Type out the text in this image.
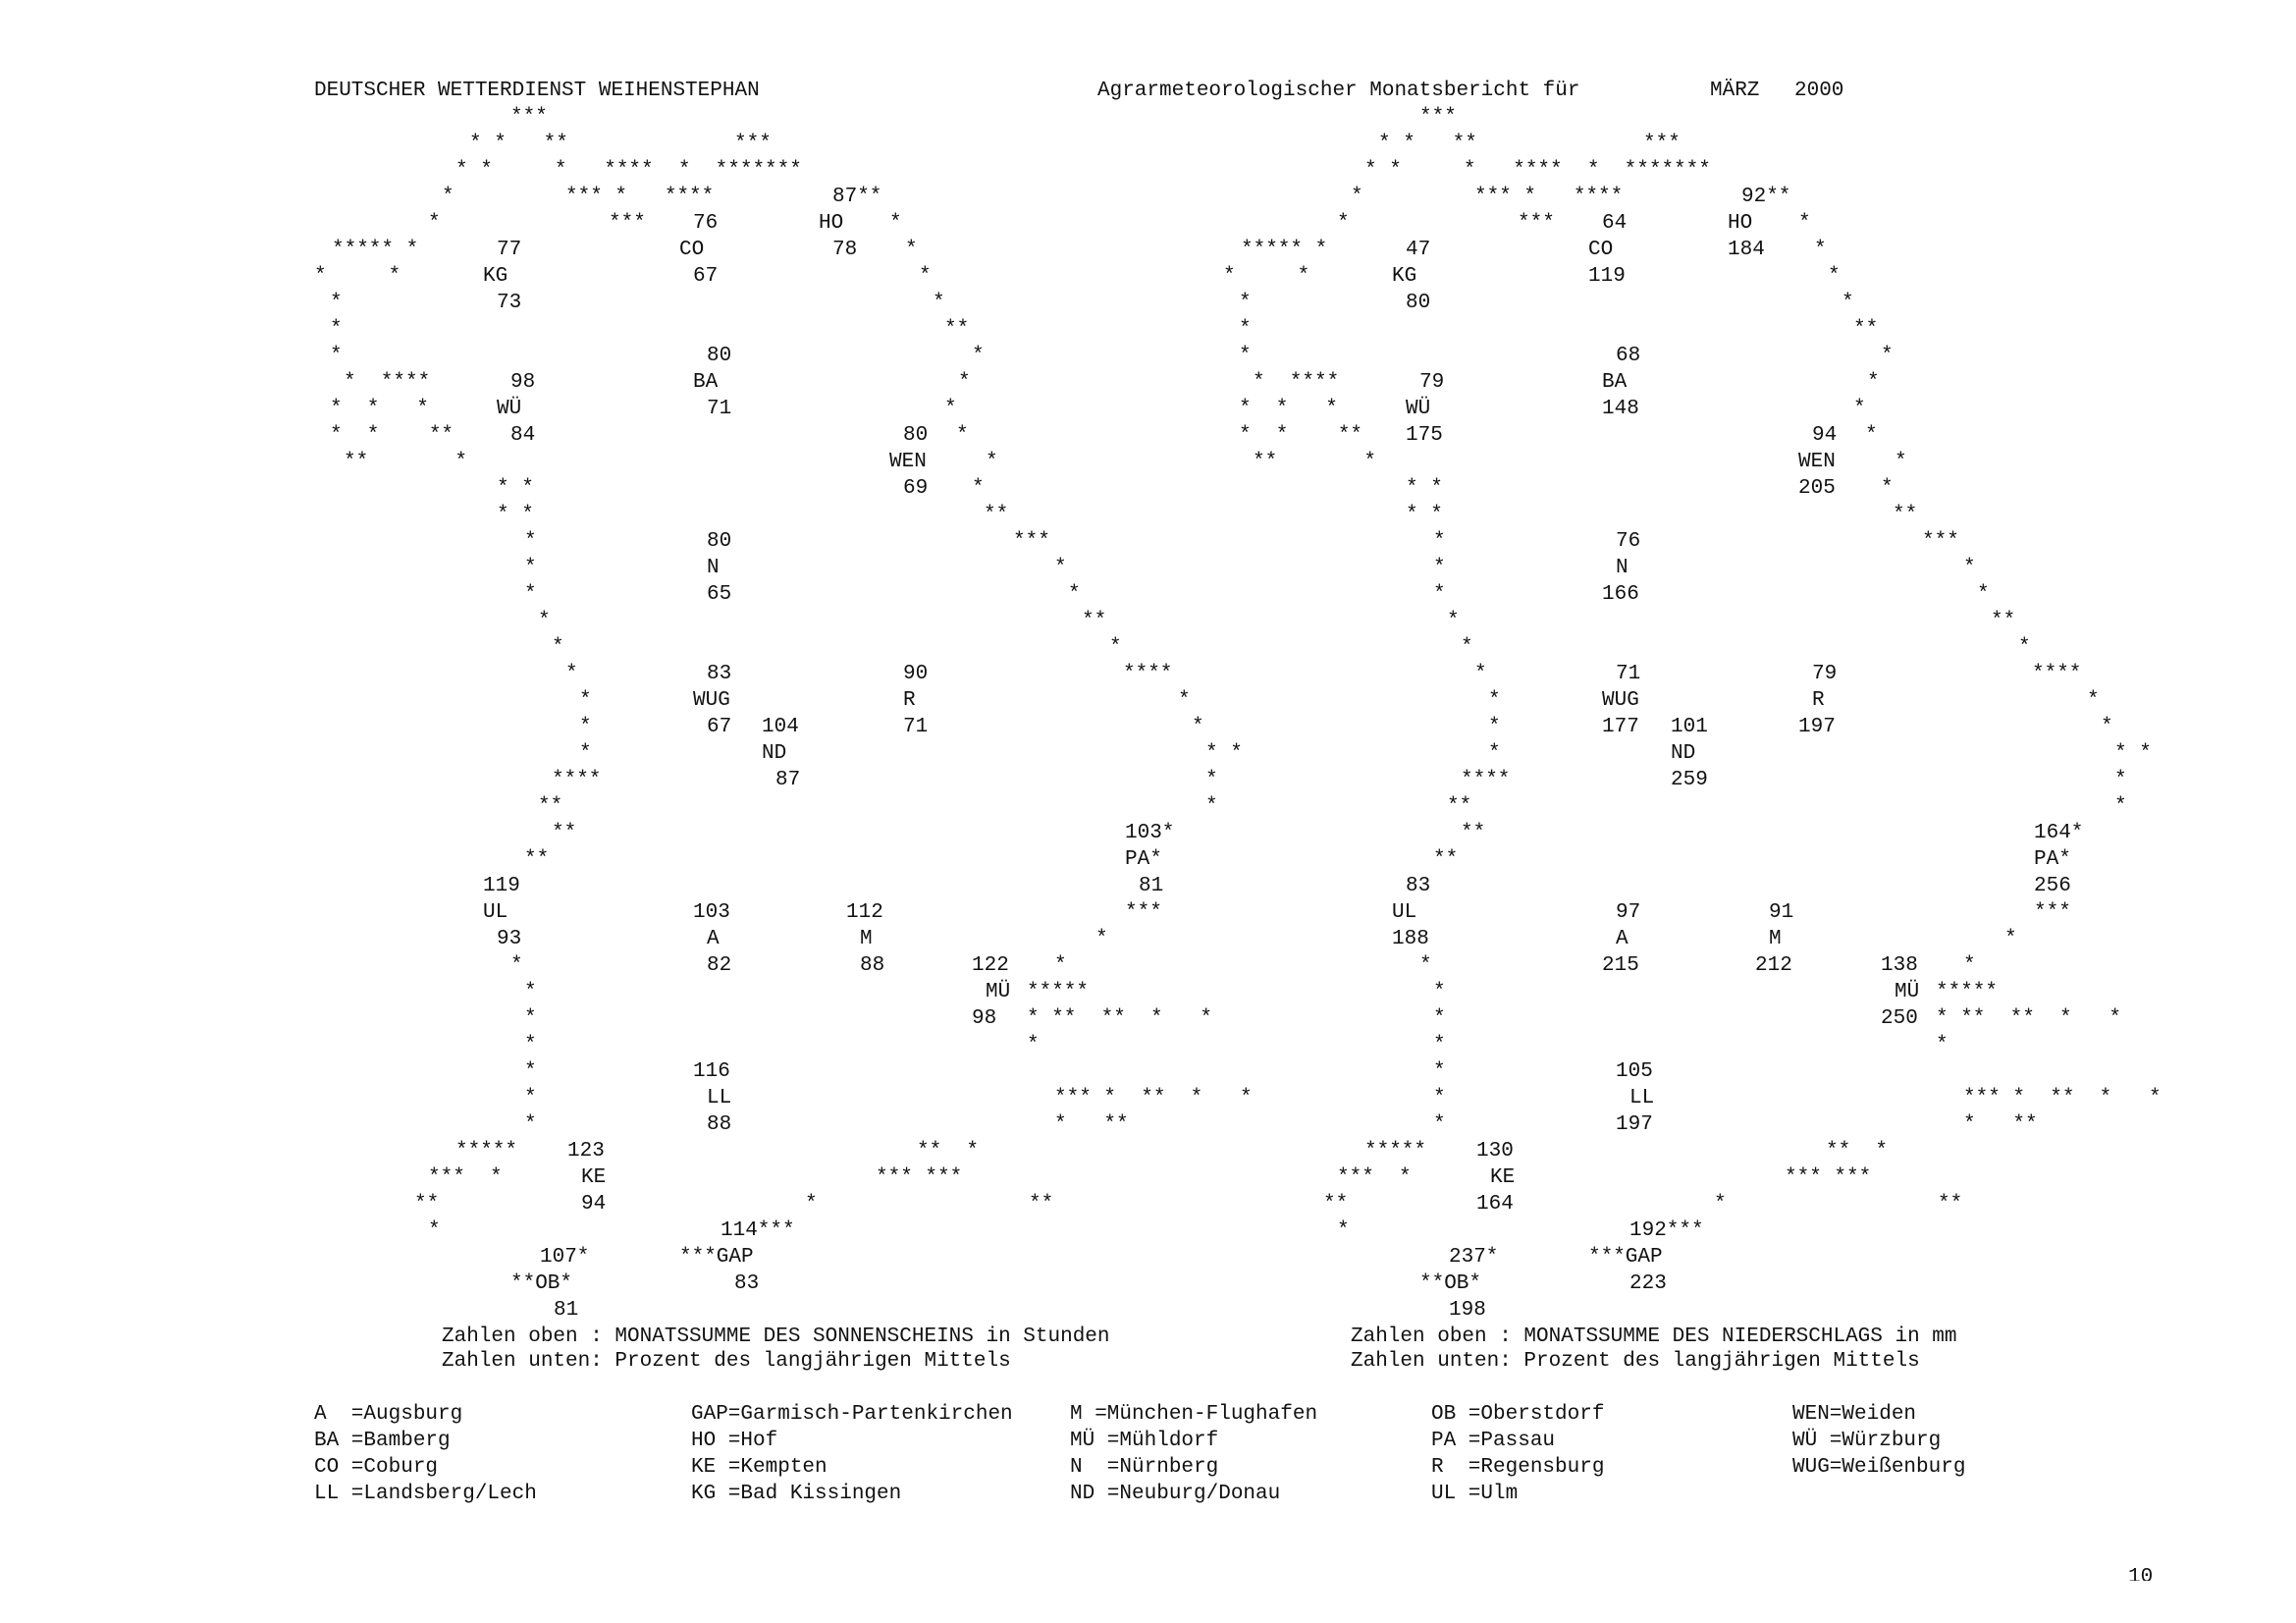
DEUTSCHER WETTERDIENST WEIHENSTEPHAN	Agrarmeteorologischer Monatsbericht für	MÄRZ 2000
***
* *   **	***
* *     *   ****  *  *******
*         *** *   ****
*
***
*
***** *
*     *
*
*
**
*
*
*  ****
*
*  *   *
*
*  *    **
*
**       *
*
* *
*
* *	**
*
***
*
*
*
*
**
*
*
*
****
*
*	*
*
*
****
*
*
*
*
* *
*
*
**
**
**
***
*
*
*
*
*
*
*
*
*
*****
* **  **  *   *
*
*** *  **  *   *
*   **
*****	**  *
***  *	*** ***
**	*	**
*
77
KG
73
76
CO
67
87**
HO
78
98
WÜ
84
80
BA
71
80
WEN
69
80
N
65
83
WUG
67
90
R
71
104
ND
87
103*
PA*
81
119
UL
93
103
A
82
112
M
88	122
MÜ
98
116
LL
88
123
KE
94
114***
***GAP
83
107*
**OB*
81
Zahlen oben : MONATSSUMME DES SONNENSCHEINS in Stunden
Zahlen unten: Prozent des langjährigen Mittels
***
* *   **	***
* *     *   ****  *  *******
*         *** *   ****
*
***
*
***** *
*     *
*
*
**
*
*
*  ****
*
*  *   *
*
*  *    **
*
**       *
*
* *
*
* *	**
*
***
*
*
*
*
**
*
*
*
****
*
*	*
*
*
****
*
*
*
*
* *
*
*
**
**
**
***
*
*
*
*
*
*
*
*
*
*****
* **  **  *   *
*
*** *  **  *   *
*   **
*****	**  *
***  *	*** ***
**	*	**
*
47
KG
80
64
CO
119
92**
HO
184
79
WÜ
175
68
BA
148
94
WEN
205
76
N
166
71
WUG
177
79
R
197
101
ND
259
164*
PA*
256
83
UL
188
97
A
215
91
M
212	138
MÜ
250
105
LL
197
130
KE
164
192***
***GAP
223
237*
**OB*
198
Zahlen oben : MONATSSUMME DES NIEDERSCHLAGS in mm
Zahlen unten: Prozent des langjährigen Mittels
A  =Augsburg
BA =Bamberg
CO =Coburg
LL =Landsberg/Lech
GAP=Garmisch-Partenkirchen
HO =Hof
KE =Kempten
KG =Bad Kissingen
M =München-Flughafen
MÜ =Mühldorf
N  =Nürnberg
ND =Neuburg/Donau
OB =Oberstdorf
PA =Passau
R  =Regensburg
UL =Ulm
WEN=Weiden
WÜ =Würzburg
WUG=Weißenburg
10
